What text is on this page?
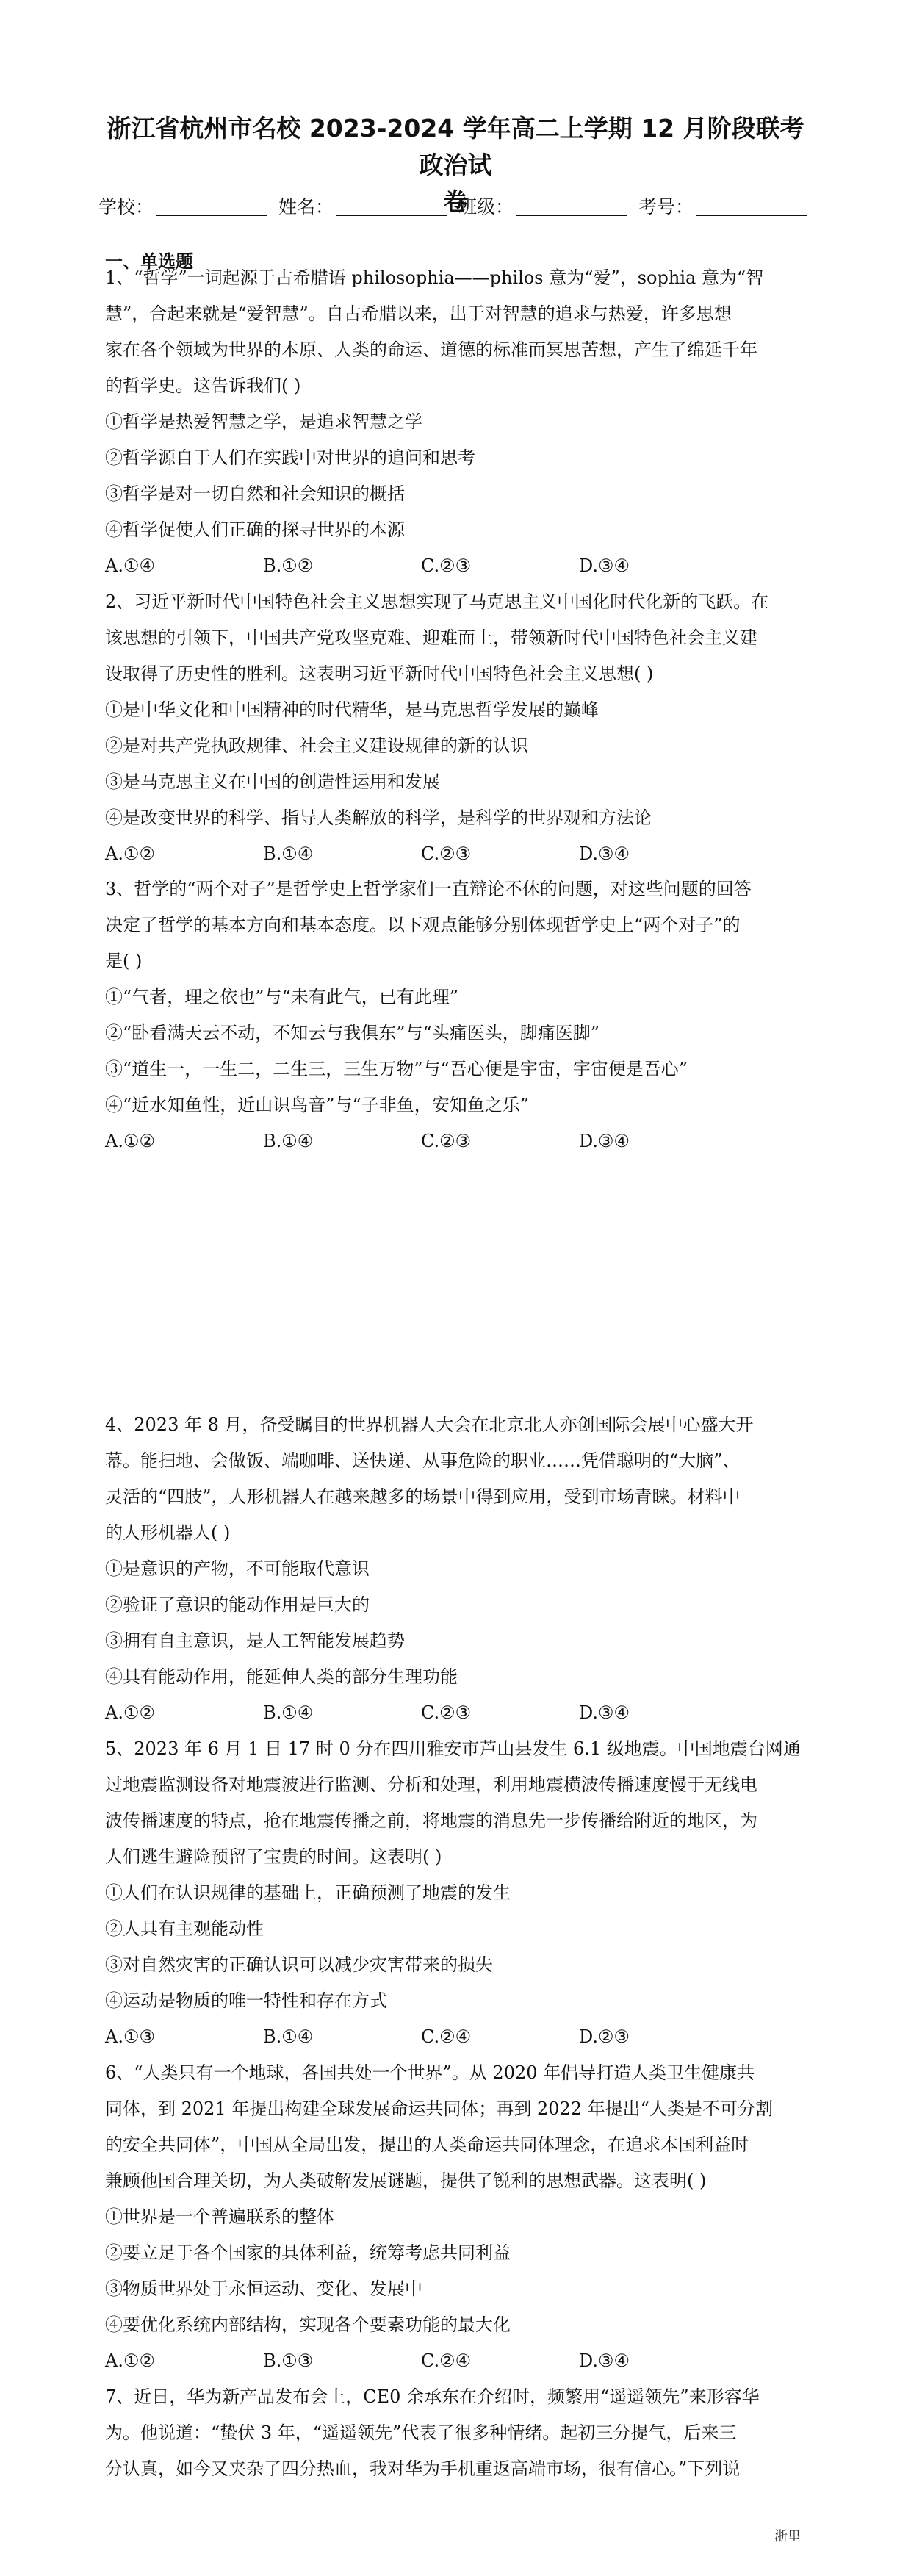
浙江省杭州市名校 2023-2024 学年高二上学期 12 月阶段联考政治试
卷
学校：	姓名：	班级：	考号：
一、单选题

1、“哲学”一词起源于古希腊语 philosophia——philos 意为“爱”，sophia 意为“智

慧”，合起来就是“爱智慧”。自古希腊以来，出于对智慧的追求与热爱，许多思想

家在各个领域为世界的本原、人类的命运、道德的标准而冥思苦想，产生了绵延千年

的哲学史。这告诉我们( )

①哲学是热爱智慧之学，是追求智慧之学

②哲学源自于人们在实践中对世界的追问和思考

③哲学是对一切自然和社会知识的概括

④哲学促使人们正确的探寻世界的本源

A.①④	B.①②	C.②③	D.③④

2、习近平新时代中国特色社会主义思想实现了马克思主义中国化时代化新的飞跃。在

该思想的引领下，中国共产党攻坚克难、迎难而上，带领新时代中国特色社会主义建

设取得了历史性的胜利。这表明习近平新时代中国特色社会主义思想( )

①是中华文化和中国精神的时代精华，是马克思哲学发展的巅峰

②是对共产党执政规律、社会主义建设规律的新的认识

③是马克思主义在中国的创造性运用和发展

④是改变世界的科学、指导人类解放的科学，是科学的世界观和方法论

A.①②	B.①④	C.②③	D.③④

3、哲学的“两个对子”是哲学史上哲学家们一直辩论不休的问题，对这些问题的回答

决定了哲学的基本方向和基本态度。以下观点能够分别体现哲学史上“两个对子”的

是( )

①“气者，理之依也”与“未有此气，已有此理”

②“卧看满天云不动，不知云与我俱东”与“头痛医头，脚痛医脚”

③“道生一，一生二，二生三，三生万物”与“吾心便是宇宙，宇宙便是吾心”

④“近水知鱼性，近山识鸟音”与“子非鱼，安知鱼之乐”

A.①②	B.①④	C.②③	D.③④

4、2023 年 8 月，备受瞩目的世界机器人大会在北京北人亦创国际会展中心盛大开

幕。能扫地、会做饭、端咖啡、送快递、从事危险的职业……凭借聪明的“大脑”、

灵活的“四肢”，人形机器人在越来越多的场景中得到应用，受到市场青睐。材料中

的人形机器人( )

①是意识的产物，不可能取代意识

②验证了意识的能动作用是巨大的

③拥有自主意识，是人工智能发展趋势

④具有能动作用，能延伸人类的部分生理功能

A.①②	B.①④	C.②③	D.③④

5、2023 年 6 月 1 日 17 时 0 分在四川雅安市芦山县发生 6.1 级地震。中国地震台网通

过地震监测设备对地震波进行监测、分析和处理，利用地震横波传播速度慢于无线电

波传播速度的特点，抢在地震传播之前，将地震的消息先一步传播给附近的地区，为

人们逃生避险预留了宝贵的时间。这表明( )

①人们在认识规律的基础上，正确预测了地震的发生

②人具有主观能动性

③对自然灾害的正确认识可以减少灾害带来的损失

④运动是物质的唯一特性和存在方式

A.①③	B.①④	C.②④	D.②③

6、“人类只有一个地球，各国共处一个世界”。从 2020 年倡导打造人类卫生健康共

同体，到 2021 年提出构建全球发展命运共同体；再到 2022 年提出“人类是不可分割

的安全共同体”，中国从全局出发，提出的人类命运共同体理念，在追求本国利益时

兼顾他国合理关切，为人类破解发展谜题，提供了锐利的思想武器。这表明( )

①世界是一个普遍联系的整体

②要立足于各个国家的具体利益，统筹考虑共同利益

③物质世界处于永恒运动、变化、发展中

④要优化系统内部结构，实现各个要素功能的最大化

A.①②	B.①③	C.②④	D.③④

7、近日，华为新产品发布会上，CE0 余承东在介绍时，频繁用“遥遥领先”来形容华

为。他说道：“蛰伏 3 年，“遥遥领先”代表了很多种情绪。起初三分提气，后来三

分认真，如今又夹杂了四分热血，我对华为手机重返高端市场，很有信心。”下列说

浙里
